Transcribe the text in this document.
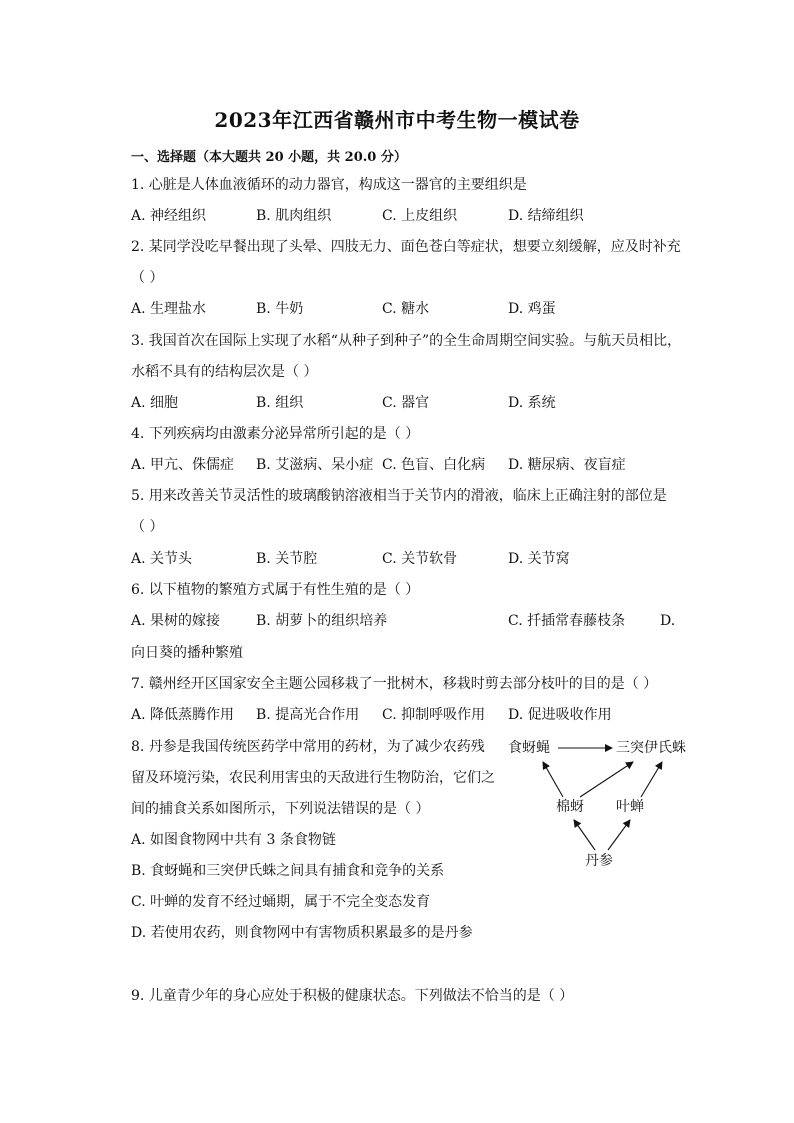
2023年江西省赣州市中考生物一模试卷
一、选择题（本大题共 20 小题，共 20.0 分）
1. 心脏是人体血液循环的动力器官，构成这一器官的主要组织是
A. 神经组织	B. 肌肉组织	C. 上皮组织	D. 结缔组织
2. 某同学没吃早餐出现了头晕、四肢无力、面色苍白等症状，想要立刻缓解，应及时补充
（ ）
A. 生理盐水	B. 牛奶	C. 糖水	D. 鸡蛋
3. 我国首次在国际上实现了水稻“从种子到种子”的全生命周期空间实验。与航天员相比，
水稻不具有的结构层次是（ ）
A. 细胞	B. 组织	C. 器官	D. 系统
4. 下列疾病均由激素分泌异常所引起的是（ ）
A. 甲亢、侏儒症 B. 艾滋病、呆小症 C. 色盲、白化病 D. 糖尿病、夜盲症
5. 用来改善关节灵活性的玻璃酸钠溶液相当于关节内的滑液，临床上正确注射的部位是
（ ）
A. 关节头	B. 关节腔	C. 关节软骨	D. 关节窝
6. 以下植物的繁殖方式属于有性生殖的是（ ）
A. 果树的嫁接	B. 胡萝卜的组织培养	C. 扦插常春藤枝条 D.
向日葵的播种繁殖
7. 赣州经开区国家安全主题公园移栽了一批树木，移栽时剪去部分枝叶的目的是（ ）
A. 降低蒸腾作用 B. 提高光合作用 C. 抑制呼吸作用 D. 促进吸收作用
8. 丹参是我国传统医药学中常用的药材，为了减少农药残
留及环境污染，农民利用害虫的天敌进行生物防治，它们之
间的捕食关系如图所示，下列说法错误的是（ ）
A. 如图食物网中共有 3 条食物链
B. 食蚜蝇和三突伊氏蛛之间具有捕食和竞争的关系
C. 叶蝉的发育不经过蛹期，属于不完全变态发育
D. 若使用农药，则食物网中有害物质积累最多的是丹参
食蚜蝇	三突伊氏蛛
棉蚜 叶蝉
丹参
9. 儿童青少年的身心应处于积极的健康状态。下列做法不恰当的是（ ）
